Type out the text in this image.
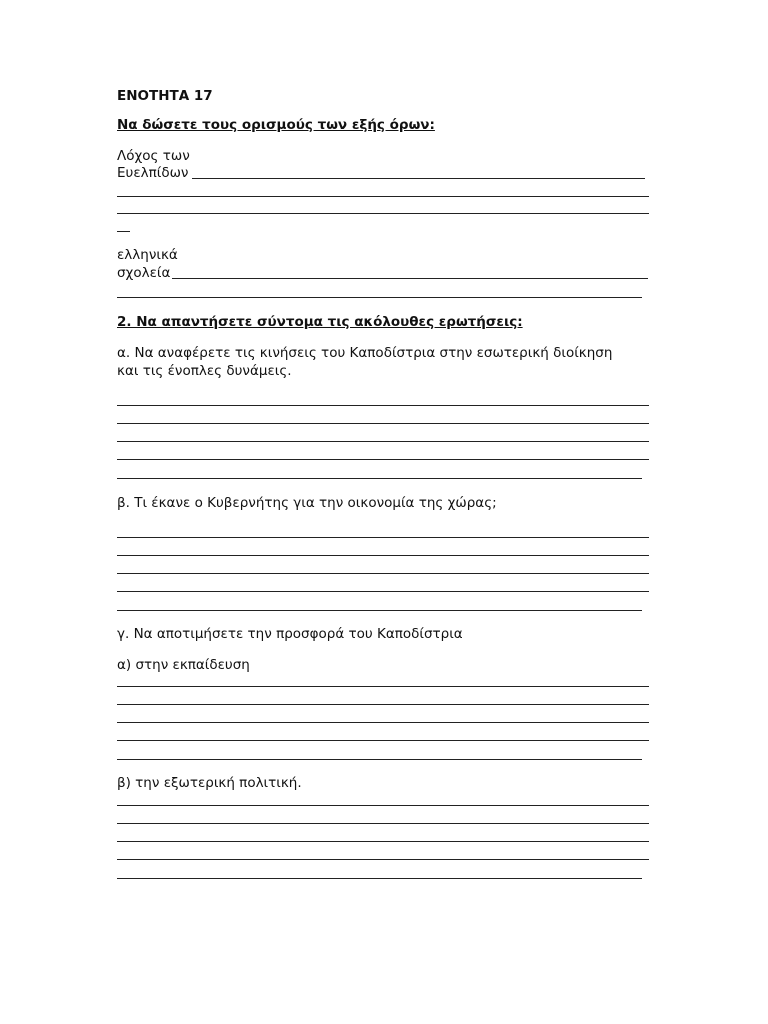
ΕΝΟΤΗΤΑ 17
Να δώσετε τους ορισμούς των εξής όρων:
Λόχος των
Ευελπίδων
ελληνικά
σχολεία
2. Να απαντήσετε σύντομα τις ακόλουθες ερωτήσεις:
α. Να αναφέρετε τις κινήσεις του Καποδίστρια στην εσωτερική διοίκηση
και τις ένοπλες δυνάμεις.
β. Τι έκανε ο Κυβερνήτης για την οικονομία της χώρας;
γ. Να αποτιμήσετε την προσφορά του Καποδίστρια
α) στην εκπαίδευση
β) την εξωτερική πολιτική.
